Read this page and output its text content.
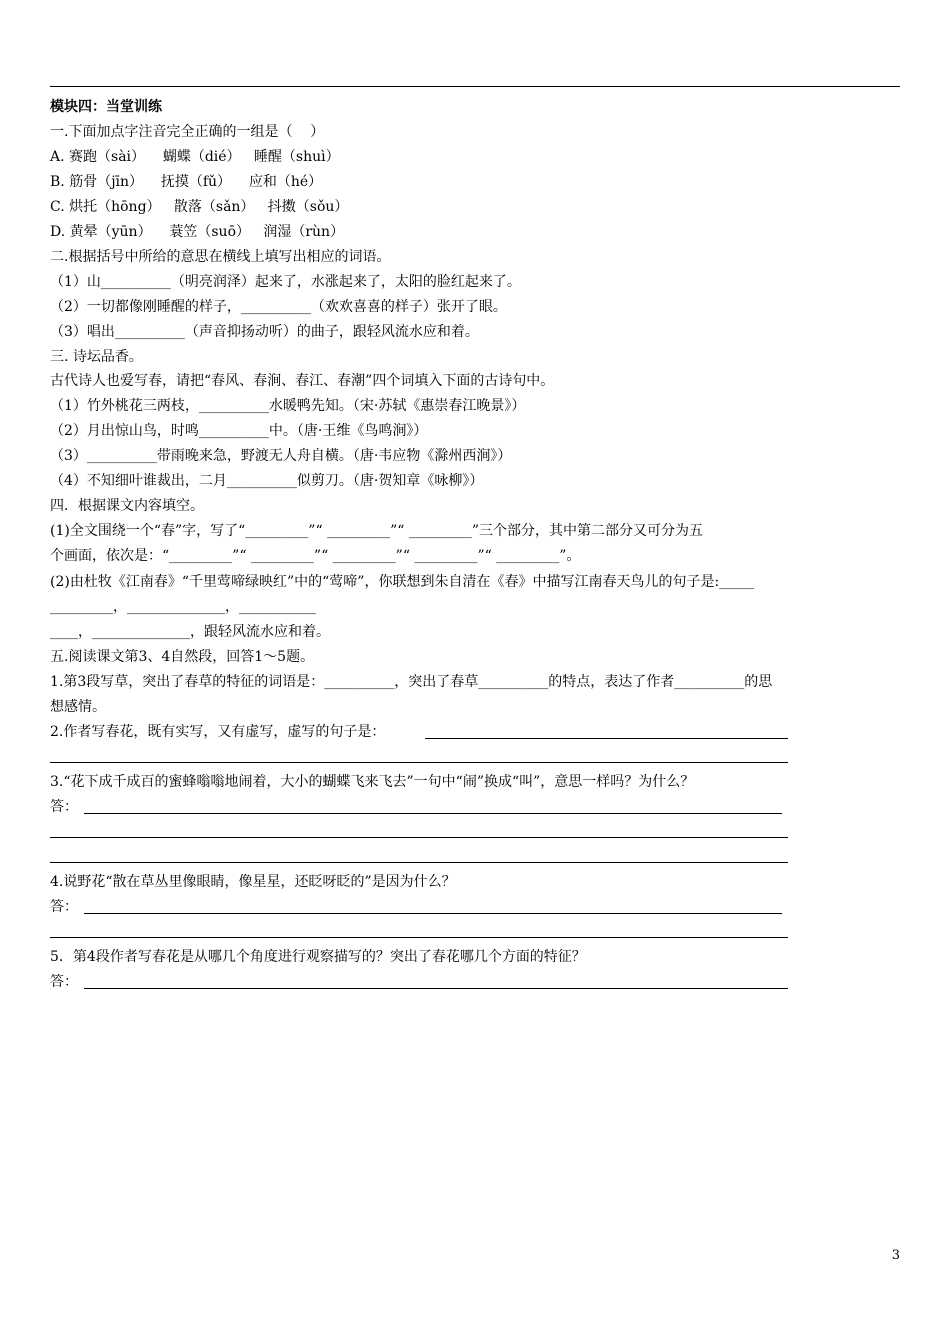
模块四：当堂训练
一.下面加点字注音完全正确的一组是（    ）
A. 赛跑（sài）    蝴蝶（dié）   睡醒（shuì）
B. 筋骨（jīn）    抚摸（fǔ）    应和（hé）
C. 烘托（hōng）   散落（sǎn）   抖擞（sǒu）
D. 黄晕（yūn）    蓑笠（suō）   润湿（rùn）
二.根据括号中所给的意思在横线上填写出相应的词语。
（1）山__________（明亮润泽）起来了，水涨起来了，太阳的脸红起来了。
（2）一切都像刚睡醒的样子，__________（欢欢喜喜的样子）张开了眼。
（3）唱出__________（声音抑扬动听）的曲子，跟轻风流水应和着。
三. 诗坛品香。
古代诗人也爱写春，请把“春风、春涧、春江、春潮”四个词填入下面的古诗句中。
（1）竹外桃花三两枝，__________水暖鸭先知。（宋·苏轼《惠崇春江晚景》）
（2）月出惊山鸟，时鸣__________中。（唐·王维《鸟鸣涧》）
（3）__________带雨晚来急，野渡无人舟自横。（唐·韦应物《滁州西涧》）
（4）不知细叶谁裁出，二月__________似剪刀。（唐·贺知章《咏柳》）
四．根据课文内容填空。
(1)全文围绕一个“春”字，写了“_________”“ _________”“ _________”三个部分，其中第二部分又可分为五
个画面，依次是：“_________”“ _________”“ _________”“ _________”“ _________”。
(2)由杜牧《江南春》“千里莺啼绿映红”中的“莺啼”，你联想到朱自清在《春》中描写江南春天鸟儿的句子是:_____
_________，______________，___________
____，______________，跟轻风流水应和着。
五.阅读课文第3、4自然段，回答1～5题。
1.第3段写草，突出了春草的特征的词语是：__________，突出了春草__________的特点，表达了作者__________的思
想感情。
2.作者写春花，既有实写，又有虚写，虚写的句子是：
3.“花下成千成百的蜜蜂嗡嗡地闹着，大小的蝴蝶飞来飞去”一句中“闹”换成“叫”，意思一样吗？为什么？
答：
4.说野花“散在草丛里像眼睛，像星星，还眨呀眨的”是因为什么？
答：
5．第4段作者写春花是从哪几个角度进行观察描写的？突出了春花哪几个方面的特征？
答：
3
